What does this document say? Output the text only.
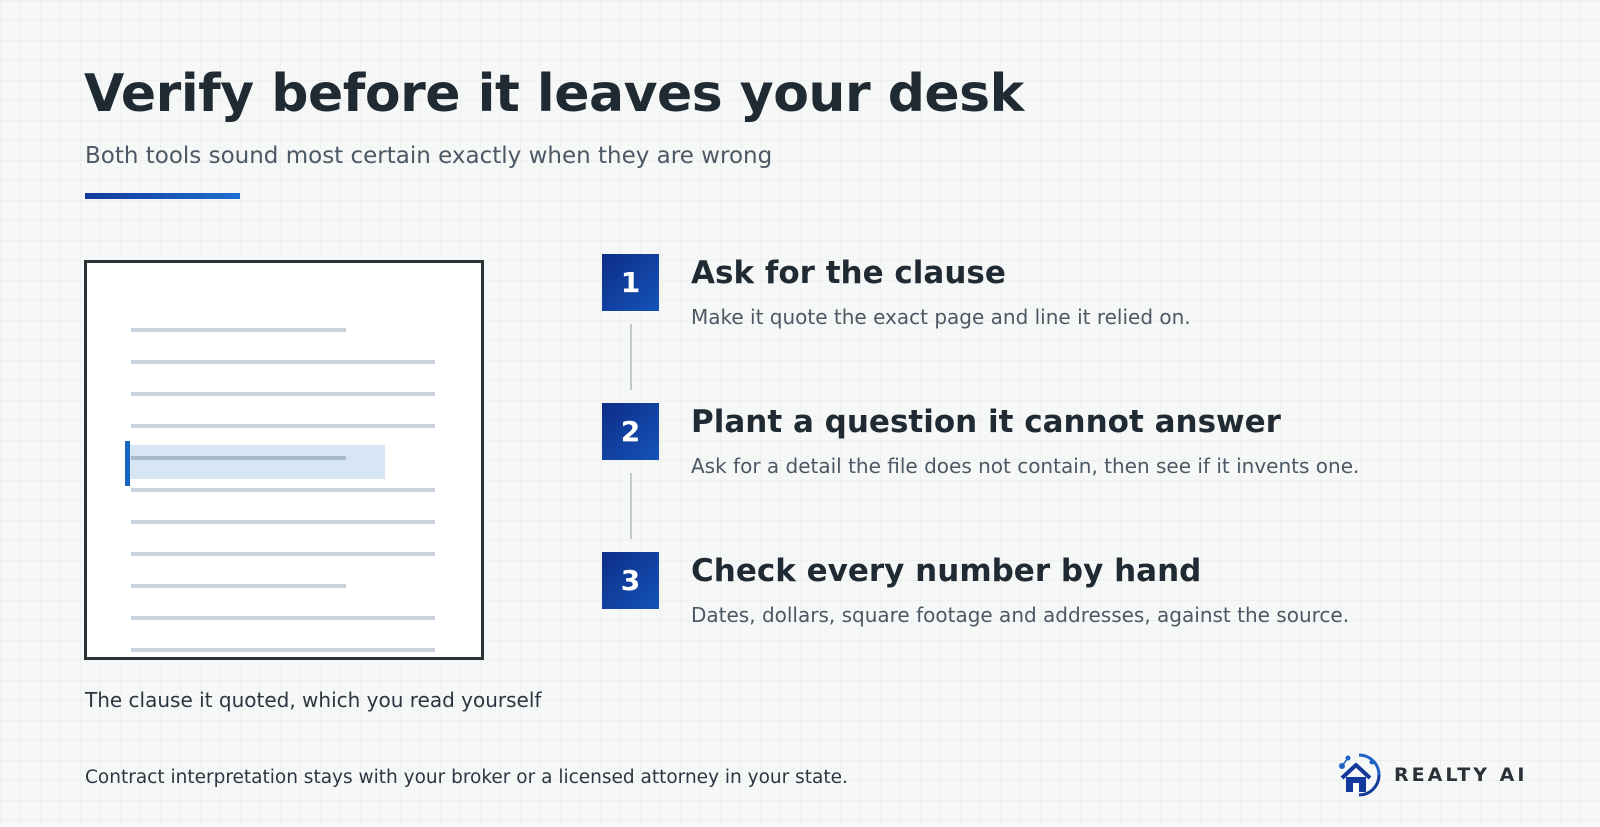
Verify before it leaves your desk

Both tools sound most certain exactly when they are wrong

The clause it quoted, which you read yourself

1	Ask for the clause

Make it quote the exact page and line it relied on.

2	Plant a question it cannot answer

Ask for a detail the file does not contain, then see if it invents one.

3	Check every number by hand

Dates, dollars, square footage and addresses, against the source.

Contract interpretation stays with your broker or a licensed attorney in your state.	REALTY AI
